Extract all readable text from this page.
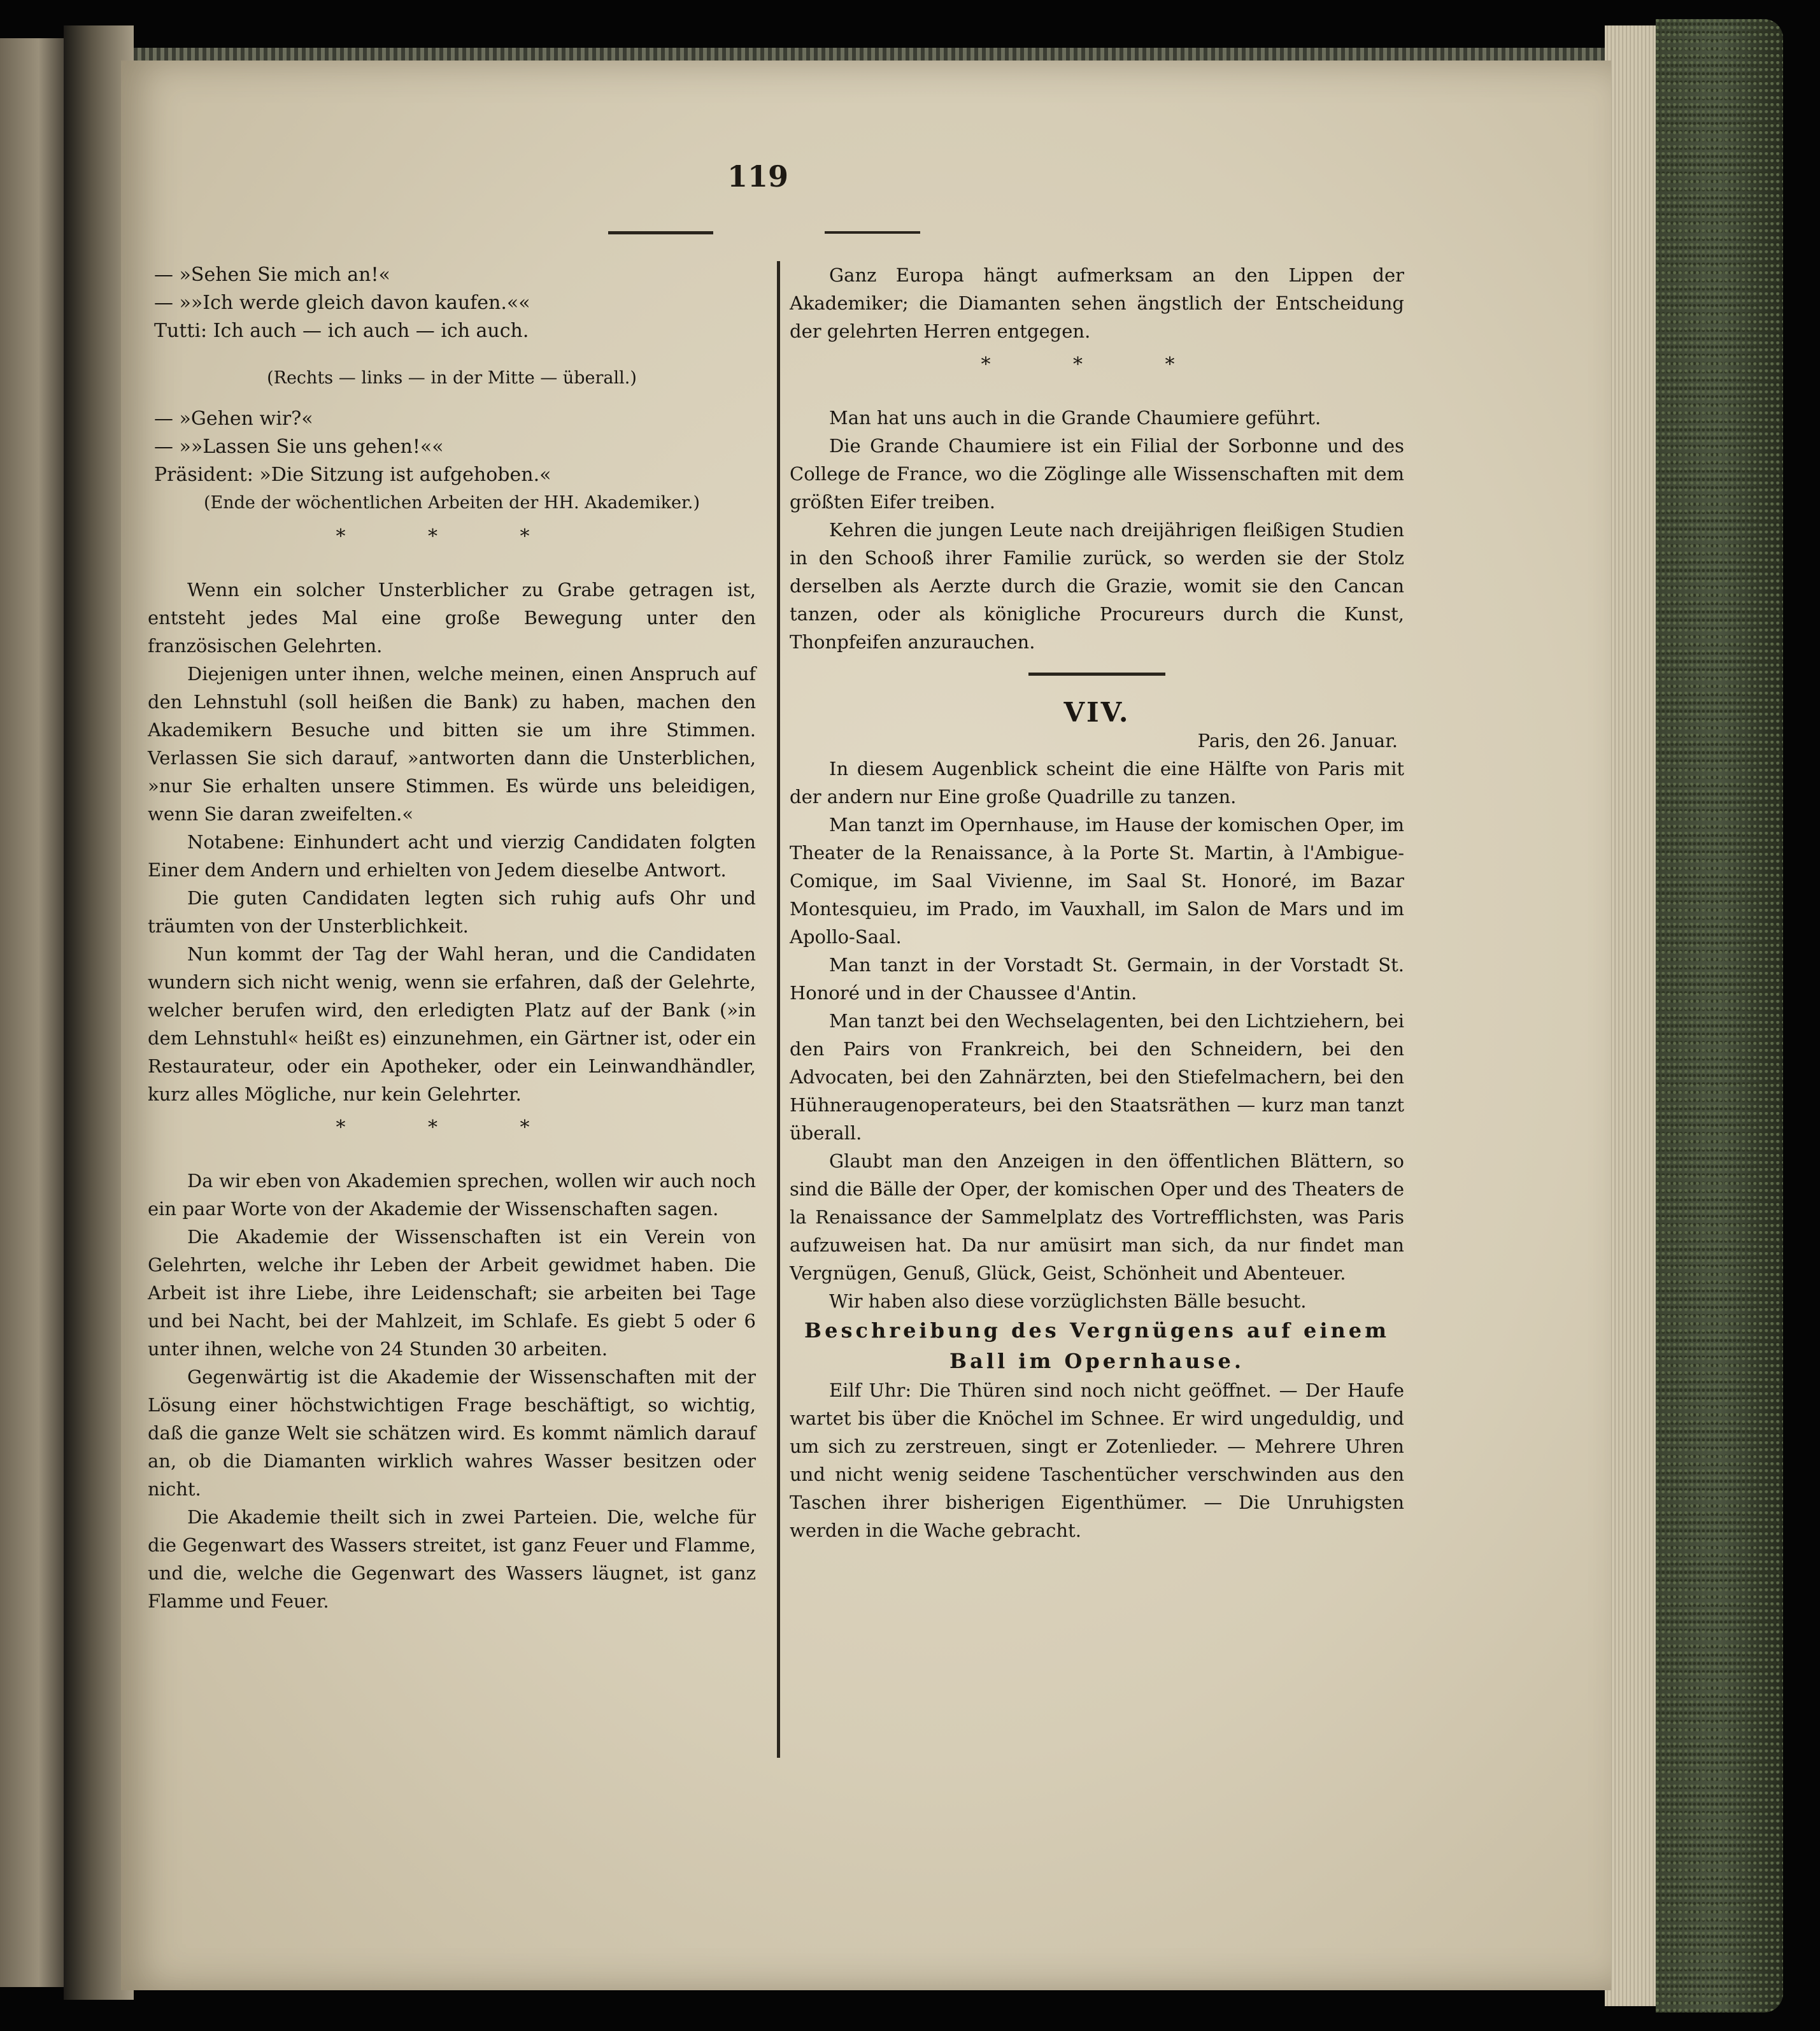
119

— »Sehen Sie mich an!«

— »»Ich werde gleich davon kaufen.««

Tutti: Ich auch — ich auch — ich auch.

(Rechts — links — in der Mitte — überall.)

— »Gehen wir?«

— »»Lassen Sie uns gehen!««

Präsident: »Die Sitzung ist aufgehoben.«

(Ende der wöchentlichen Arbeiten der HH. Akademiker.)

* * *

Wenn ein solcher Unsterblicher zu Grabe getragen ist, entsteht jedes Mal eine große Bewegung unter den französischen Gelehrten.

Diejenigen unter ihnen, welche meinen, einen Anspruch auf den Lehnstuhl (soll heißen die Bank) zu haben, machen den Akademikern Besuche und bitten sie um ihre Stimmen. Verlassen Sie sich darauf, »antworten dann die Unsterblichen, »nur Sie erhalten unsere Stimmen. Es würde uns beleidigen, wenn Sie daran zweifelten.«

Notabene: Einhundert acht und vierzig Candidaten folgten Einer dem Andern und erhielten von Jedem dieselbe Antwort.

Die guten Candidaten legten sich ruhig aufs Ohr und träumten von der Unsterblichkeit.

Nun kommt der Tag der Wahl heran, und die Candidaten wundern sich nicht wenig, wenn sie erfahren, daß der Gelehrte, welcher berufen wird, den erledigten Platz auf der Bank (»in dem Lehnstuhl« heißt es) einzunehmen, ein Gärtner ist, oder ein Restaurateur, oder ein Apotheker, oder ein Leinwandhändler, kurz alles Mögliche, nur kein Gelehrter.

* * *

Da wir eben von Akademien sprechen, wollen wir auch noch ein paar Worte von der Akademie der Wissenschaften sagen.

Die Akademie der Wissenschaften ist ein Verein von Gelehrten, welche ihr Leben der Arbeit gewidmet haben. Die Arbeit ist ihre Liebe, ihre Leidenschaft; sie arbeiten bei Tage und bei Nacht, bei der Mahlzeit, im Schlafe. Es giebt 5 oder 6 unter ihnen, welche von 24 Stunden 30 arbeiten.

Gegenwärtig ist die Akademie der Wissenschaften mit der Lösung einer höchstwichtigen Frage beschäftigt, so wichtig, daß die ganze Welt sie schätzen wird. Es kommt nämlich darauf an, ob die Diamanten wirklich wahres Wasser besitzen oder nicht.

Die Akademie theilt sich in zwei Parteien. Die, welche für die Gegenwart des Wassers streitet, ist ganz Feuer und Flamme, und die, welche die Gegenwart des Wassers läugnet, ist ganz Flamme und Feuer.

Ganz Europa hängt aufmerksam an den Lippen der Akademiker; die Diamanten sehen ängstlich der Entscheidung der gelehrten Herren entgegen.

* * *

Man hat uns auch in die Grande Chaumiere geführt.

Die Grande Chaumiere ist ein Filial der Sorbonne und des College de France, wo die Zöglinge alle Wissenschaften mit dem größten Eifer treiben.

Kehren die jungen Leute nach dreijährigen fleißigen Studien in den Schooß ihrer Familie zurück, so werden sie der Stolz derselben als Aerzte durch die Grazie, womit sie den Cancan tanzen, oder als königliche Procureurs durch die Kunst, Thonpfeifen anzurauchen.

VIV.

Paris, den 26. Januar.

In diesem Augenblick scheint die eine Hälfte von Paris mit der andern nur Eine große Quadrille zu tanzen.

Man tanzt im Opernhause, im Hause der komischen Oper, im Theater de la Renaissance, à la Porte St. Martin, à l'Ambigue-Comique, im Saal Vivienne, im Saal St. Honoré, im Bazar Montesquieu, im Prado, im Vauxhall, im Salon de Mars und im Apollo-Saal.

Man tanzt in der Vorstadt St. Germain, in der Vorstadt St. Honoré und in der Chaussee d'Antin.

Man tanzt bei den Wechselagenten, bei den Lichtziehern, bei den Pairs von Frankreich, bei den Schneidern, bei den Advocaten, bei den Zahnärzten, bei den Stiefelmachern, bei den Hühneraugenoperateurs, bei den Staatsräthen — kurz man tanzt überall.

Glaubt man den Anzeigen in den öffentlichen Blättern, so sind die Bälle der Oper, der komischen Oper und des Theaters de la Renaissance der Sammelplatz des Vortrefflichsten, was Paris aufzuweisen hat. Da nur amüsirt man sich, da nur findet man Vergnügen, Genuß, Glück, Geist, Schönheit und Abenteuer.

Wir haben also diese vorzüglichsten Bälle besucht.

Beschreibung des Vergnügens auf einem Ball im Opernhause.

Eilf Uhr: Die Thüren sind noch nicht geöffnet. — Der Haufe wartet bis über die Knöchel im Schnee. Er wird ungeduldig, und um sich zu zerstreuen, singt er Zotenlieder. — Mehrere Uhren und nicht wenig seidene Taschentücher verschwinden aus den Taschen ihrer bisherigen Eigenthümer. — Die Unruhigsten werden in die Wache gebracht.
